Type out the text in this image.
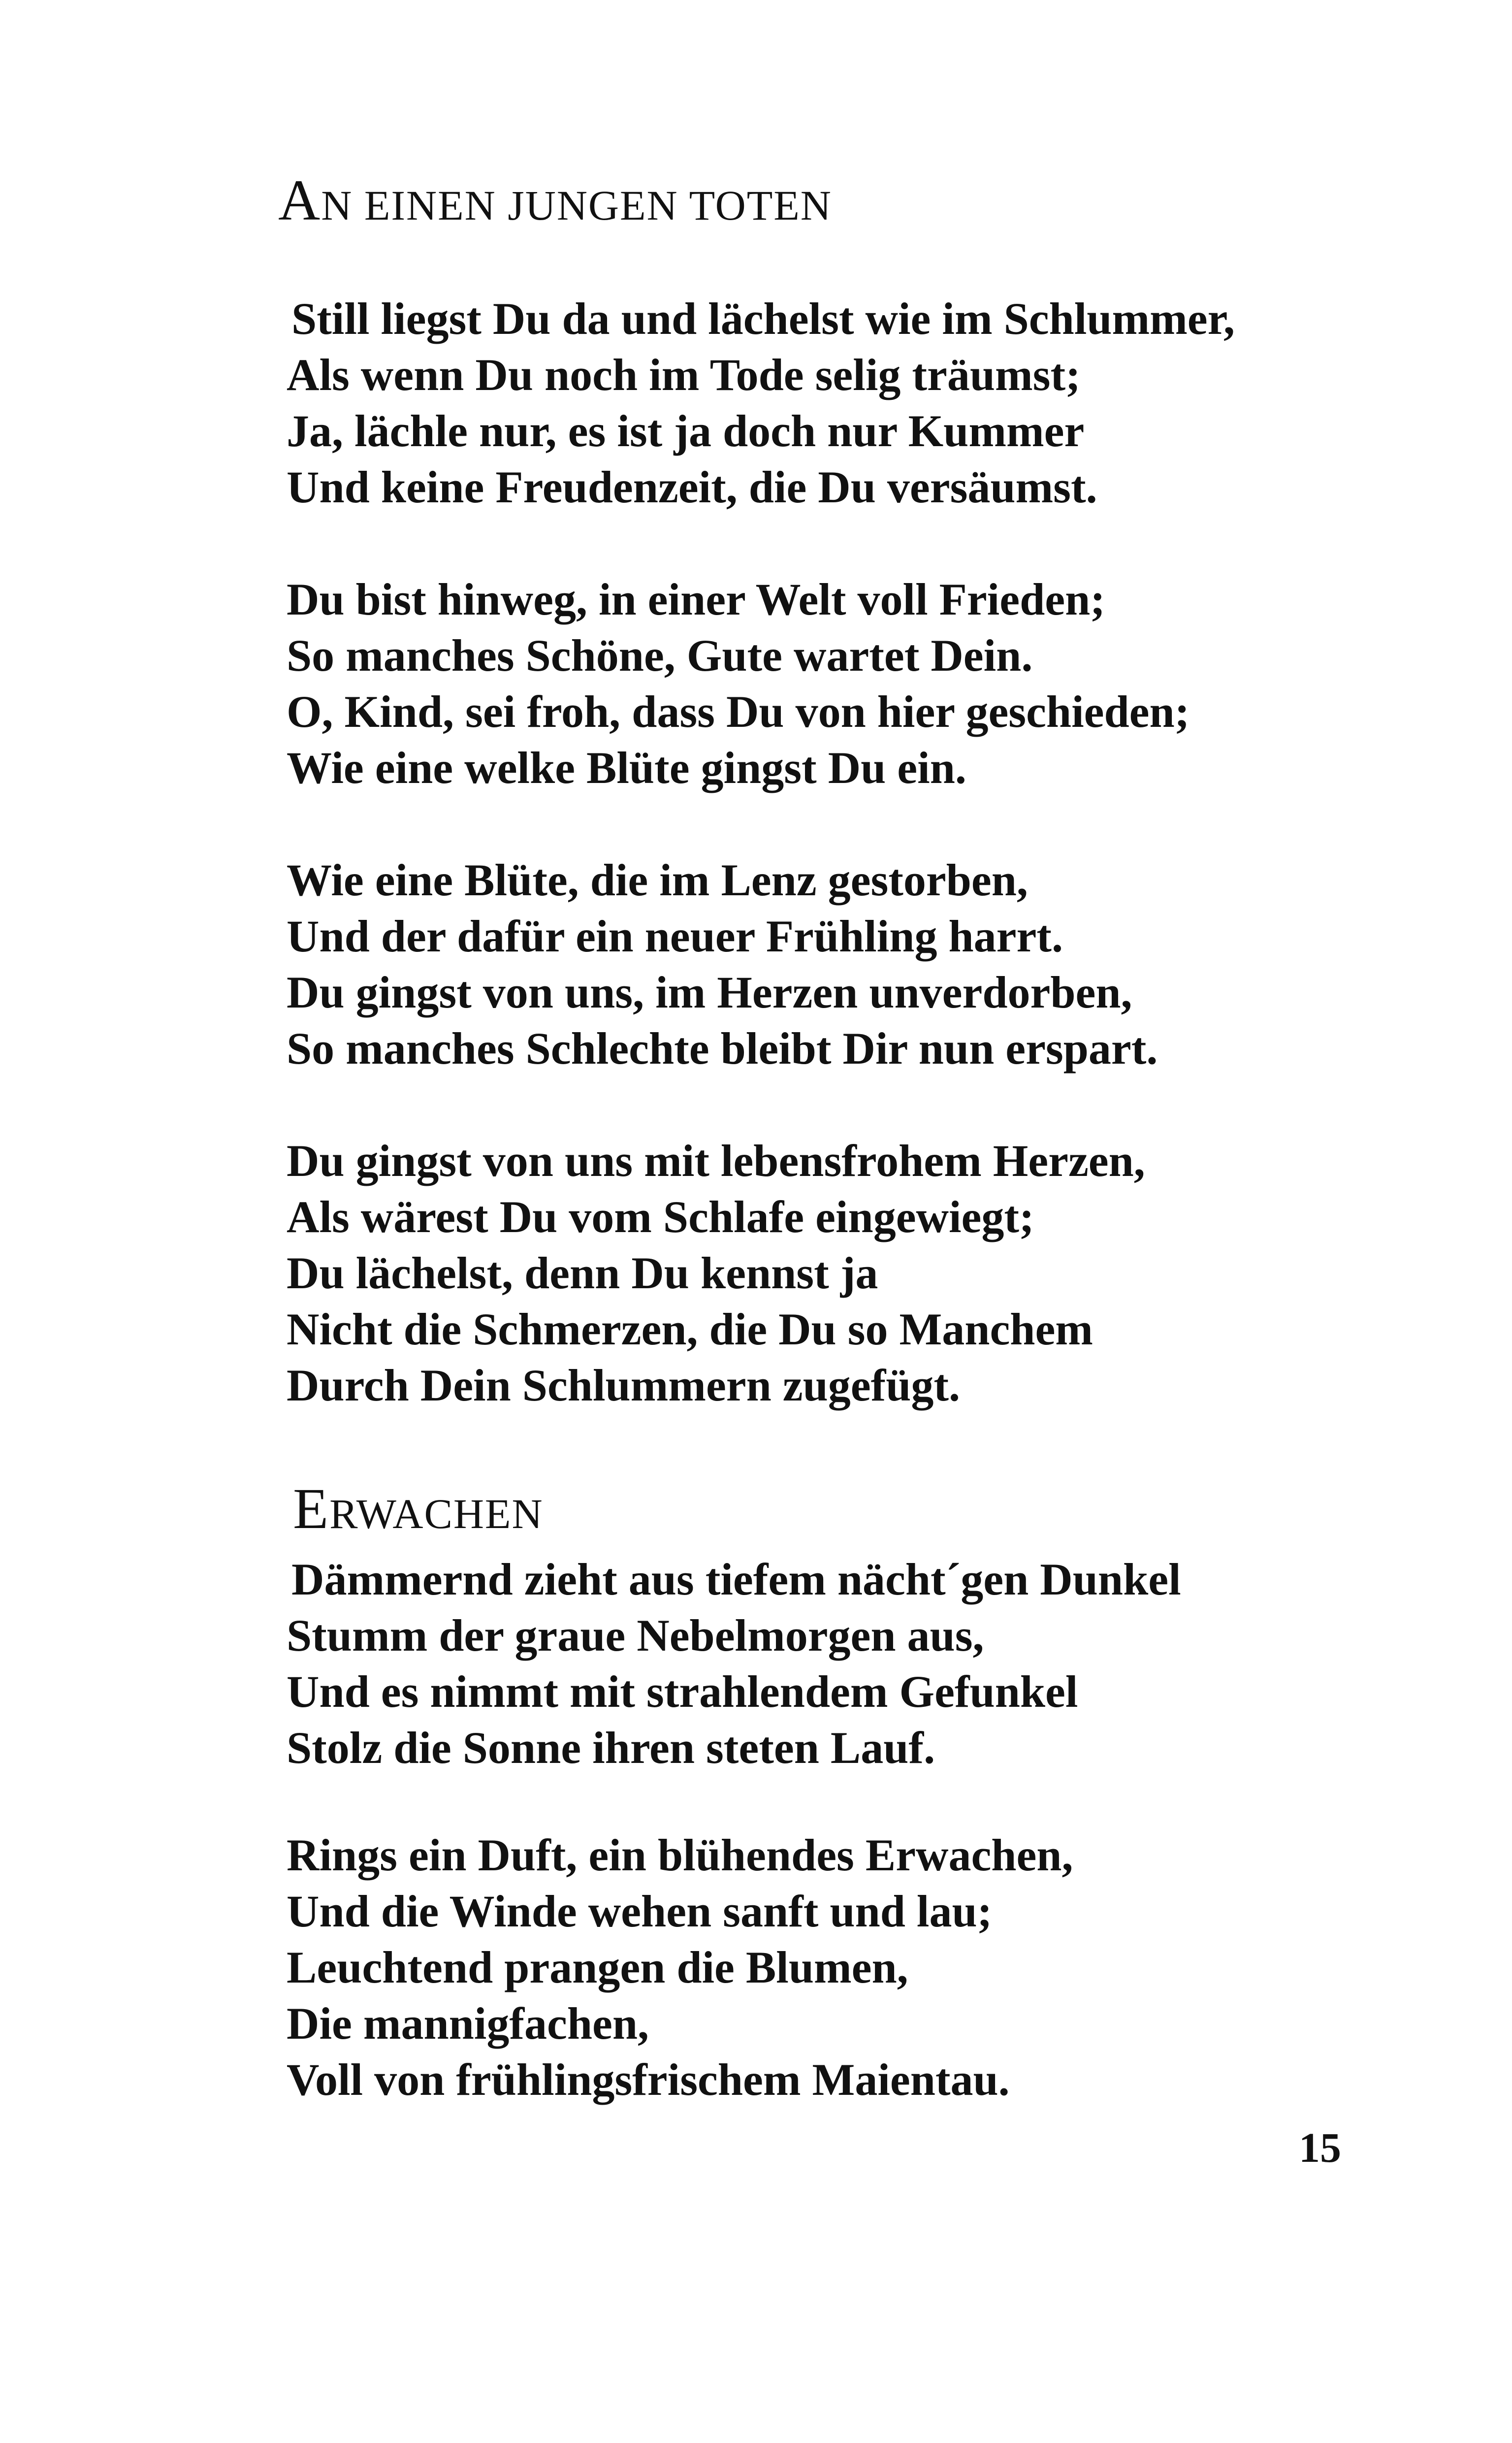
AN EINEN JUNGEN TOTEN

Still liegst Du da und lächelst wie im Schlummer,
Als wenn Du noch im Tode selig träumst;
Ja, lächle nur, es ist ja doch nur Kummer
Und keine Freudenzeit, die Du versäumst.

Du bist hinweg, in einer Welt voll Frieden;
So manches Schöne, Gute wartet Dein.
O, Kind, sei froh, dass Du von hier geschieden;
Wie eine welke Blüte gingst Du ein.

Wie eine Blüte, die im Lenz gestorben,
Und der dafür ein neuer Frühling harrt.
Du gingst von uns, im Herzen unverdorben,
So manches Schlechte bleibt Dir nun erspart.

Du gingst von uns mit lebensfrohem Herzen,
Als wärest Du vom Schlafe eingewiegt;
Du lächelst, denn Du kennst ja
Nicht die Schmerzen, die Du so Manchem
Durch Dein Schlummern zugefügt.

ERWACHEN

Dämmernd zieht aus tiefem nächt´gen Dunkel
Stumm der graue Nebelmorgen aus,
Und es nimmt mit strahlendem Gefunkel
Stolz die Sonne ihren steten Lauf.

Rings ein Duft, ein blühendes Erwachen,
Und die Winde wehen sanft und lau;
Leuchtend prangen die Blumen,
Die mannigfachen,
Voll von frühlingsfrischem Maientau.

15
